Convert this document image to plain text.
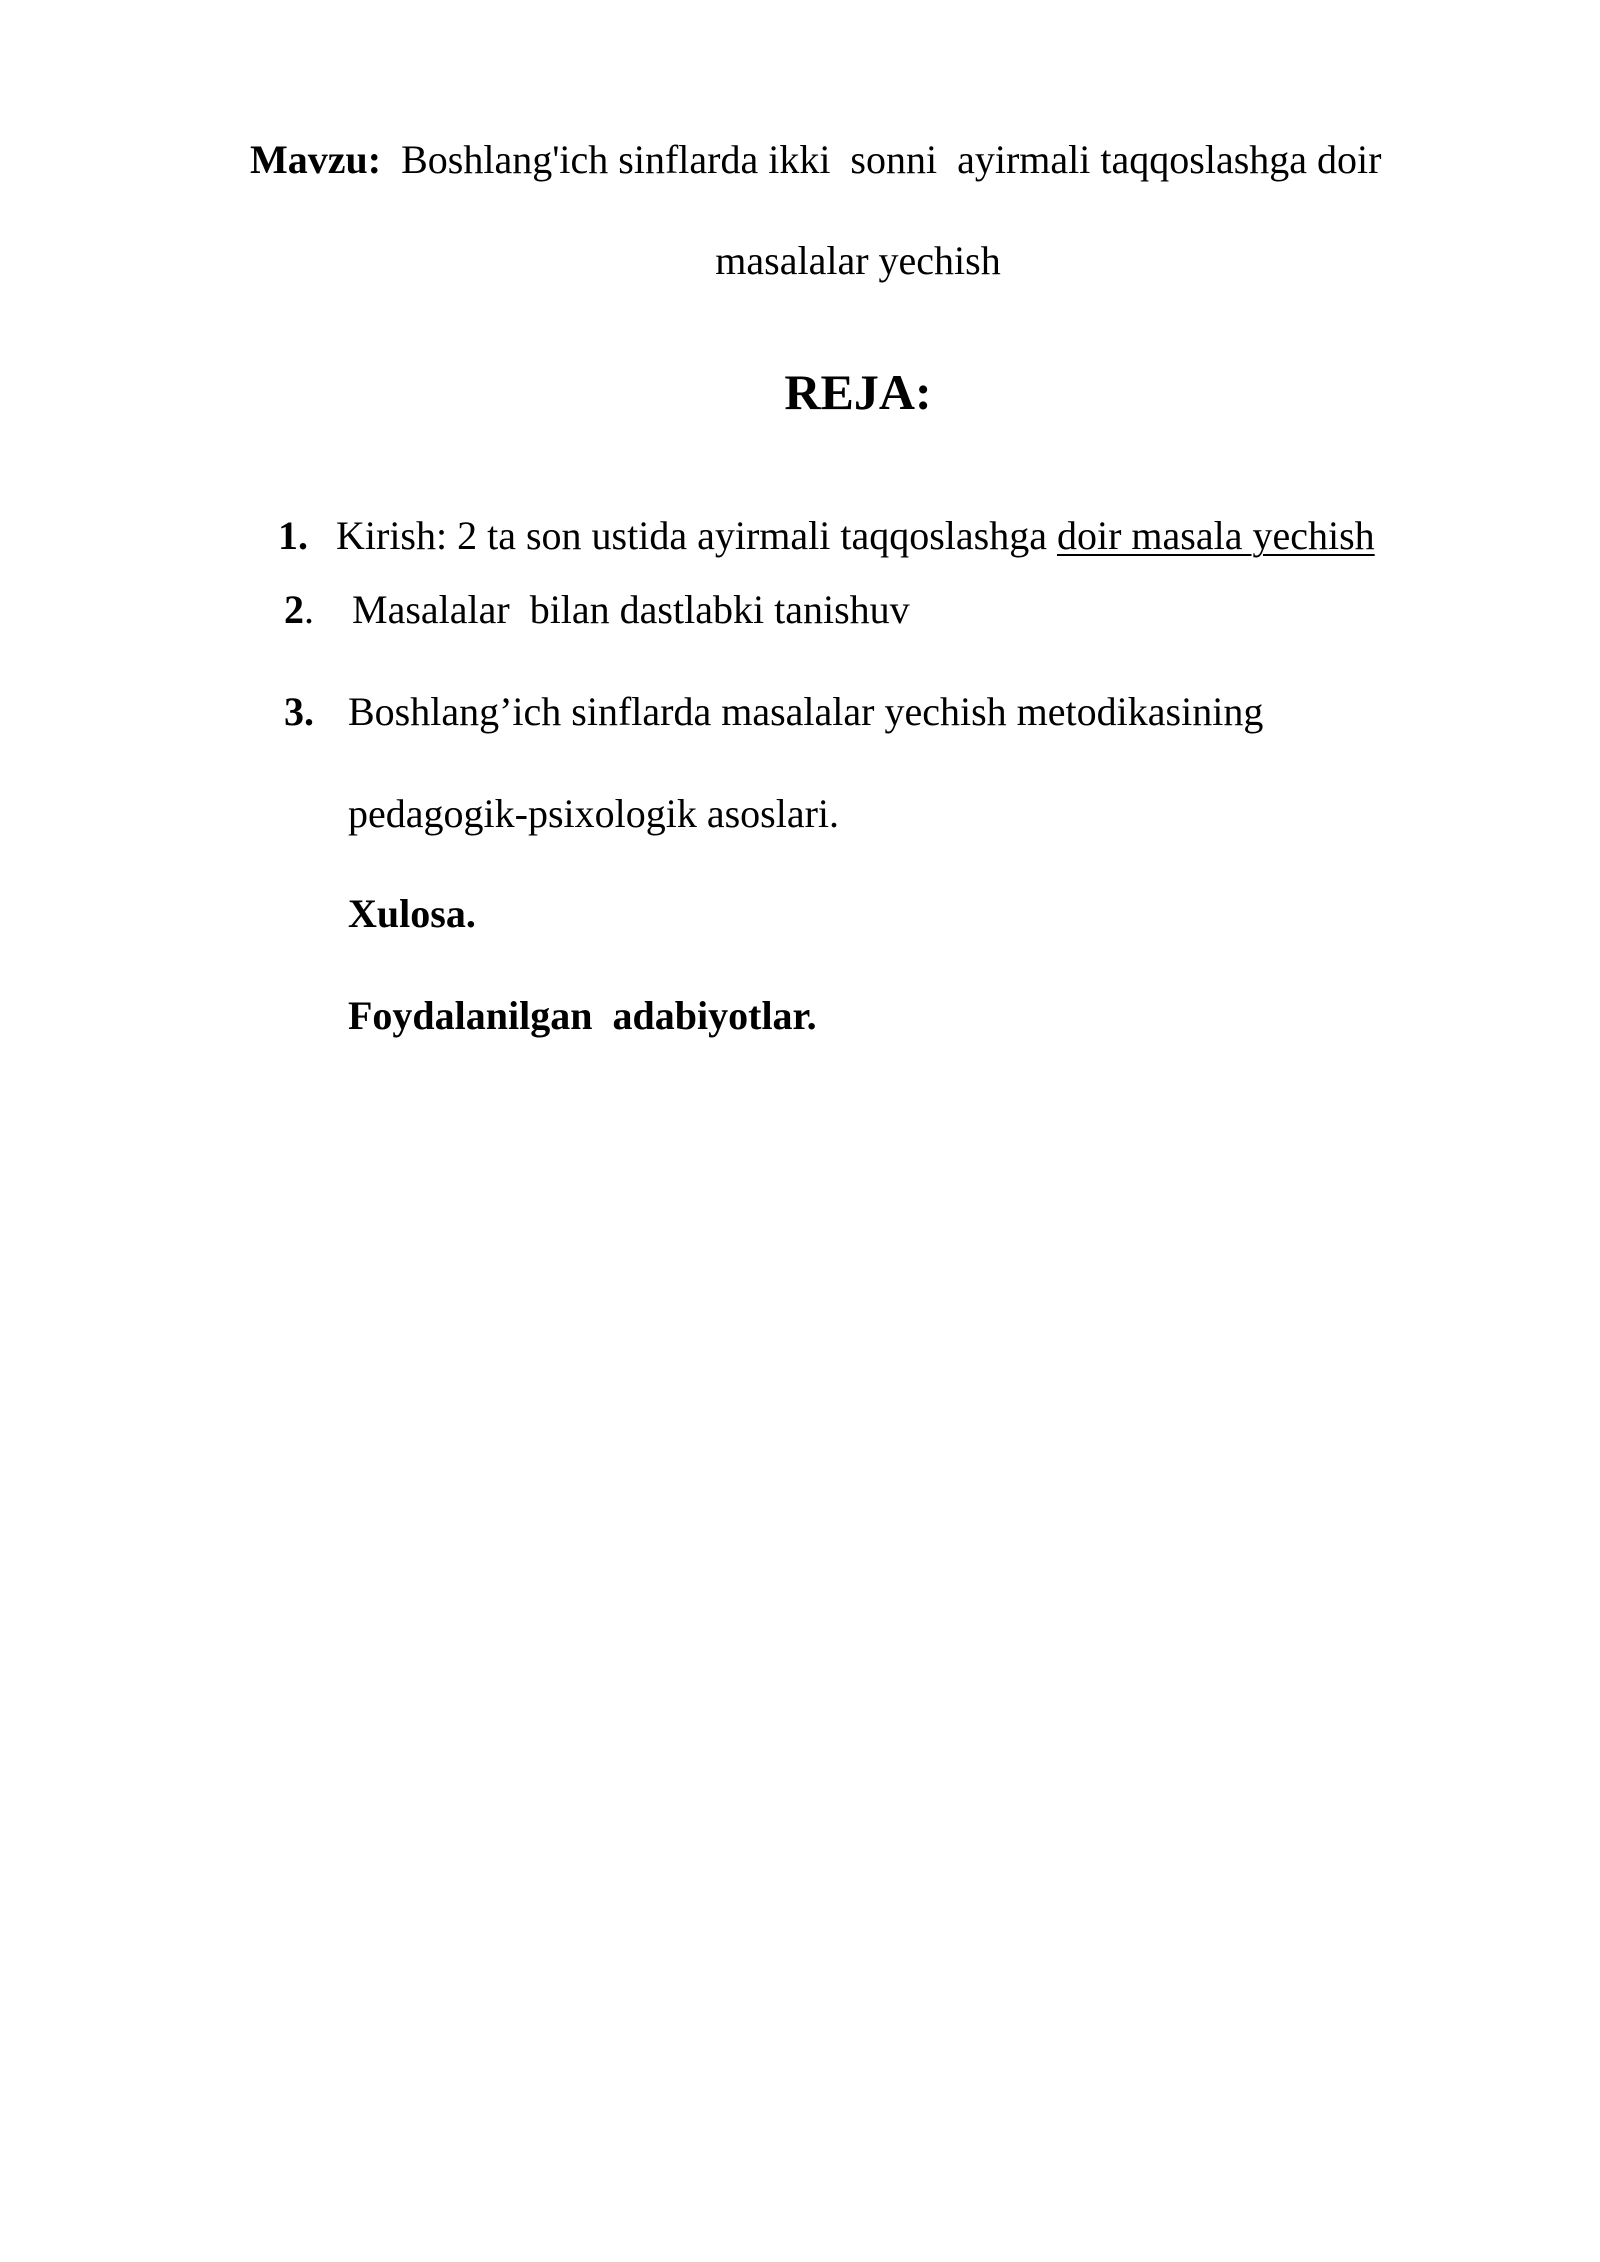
Mavzu:  Boshlang'ich sinflarda ikki  sonni  ayirmali taqqoslashga doir
masalalar yechish
REJA:
1. Kirish: 2 ta son ustida ayirmali taqqoslashga doir masala yechish
2. Masalalar  bilan dastlabki tanishuv
3. Boshlang’ich sinflarda masalalar yechish metodikasining
pedagogik-psixologik asoslari.
Xulosa.
Foydalanilgan  adabiyotlar.
